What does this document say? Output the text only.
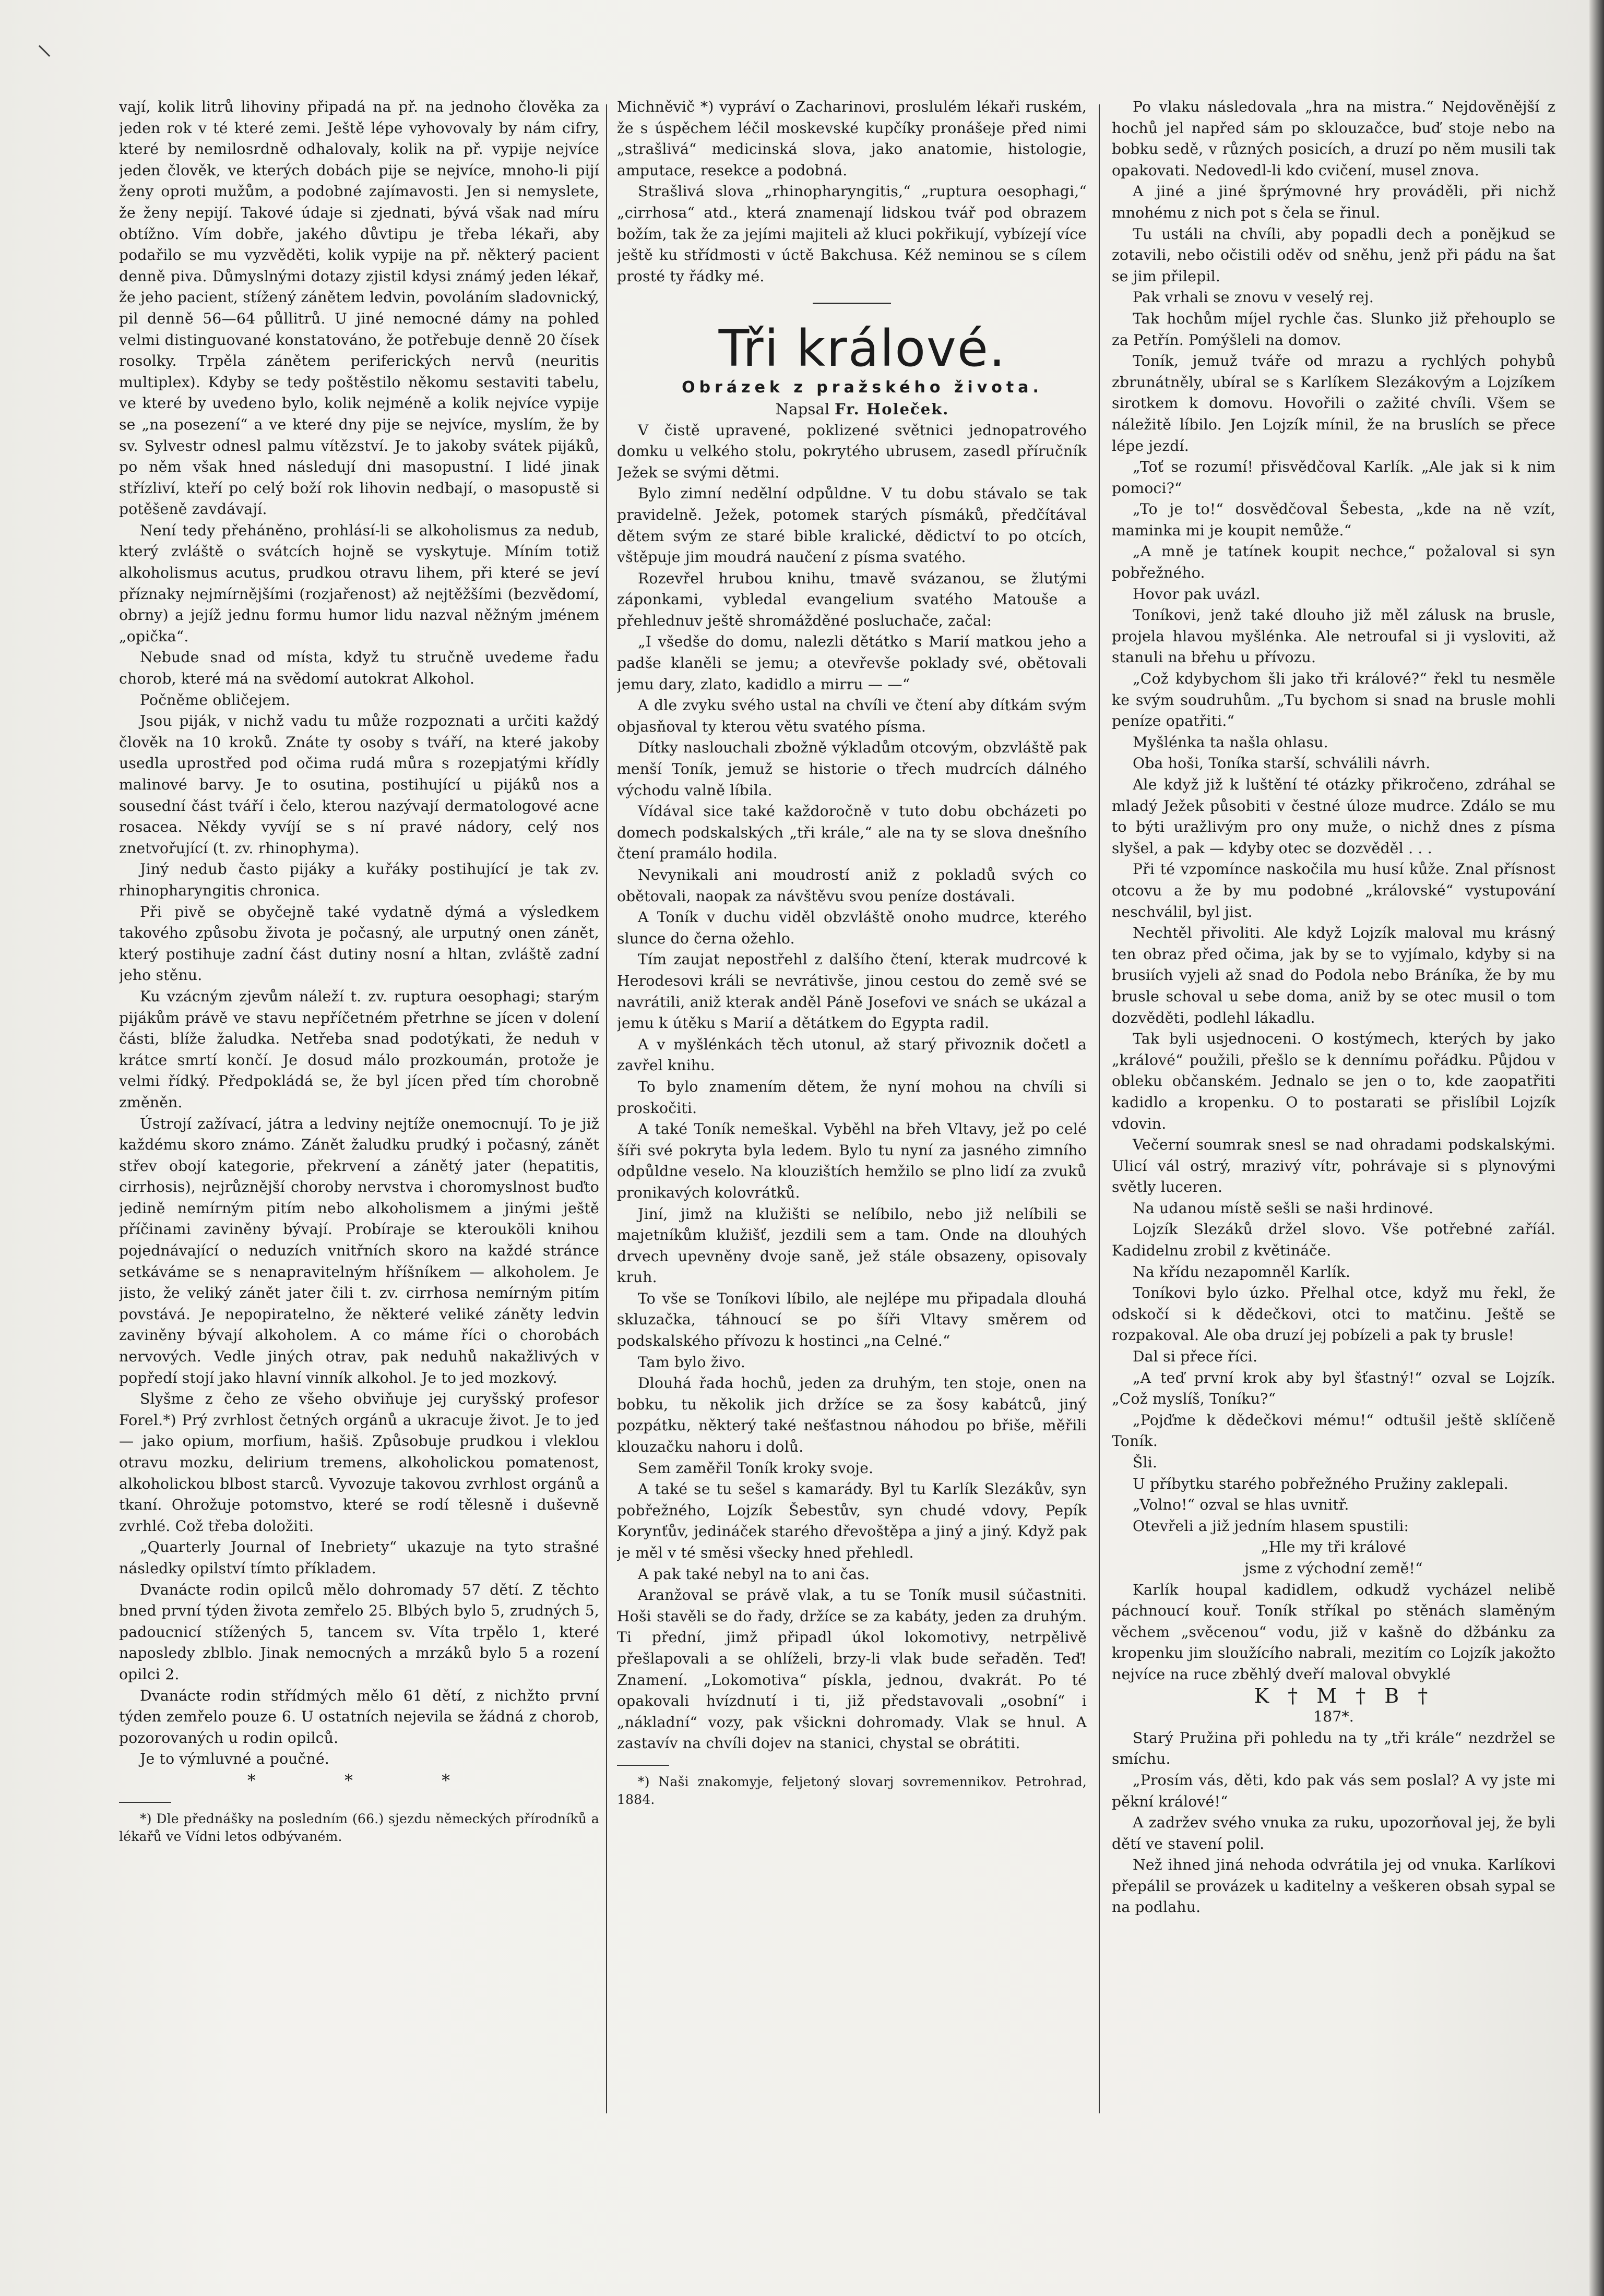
⸜

vají, kolik litrů lihoviny připadá na př. na jednoho člověka za jeden rok v té které zemi. Ještě lépe vyhovovaly by nám cifry, které by nemilosrdně odhalovaly, kolik na př. vypije nejvíce jeden člověk, ve kterých dobách pije se nejvíce, mnoho-li pijí ženy oproti mužům, a podobné zajímavosti. Jen si nemyslete, že ženy nepijí. Takové údaje si zjednati, bývá však nad míru obtížno. Vím dobře, jakého důvtipu je třeba lékaři, aby podařilo se mu vyzvěděti, kolik vypije na př. některý pacient denně piva. Důmyslnými dotazy zjistil kdysi známý jeden lékař, že jeho pacient, stížený zánětem ledvin, povoláním sladovnický, pil denně 56—64 půllitrů. U jiné nemocné dámy na pohled velmi distinguované konstatováno, že potřebuje denně 20 čísek rosolky. Trpěla zánětem periferických nervů (neuritis multiplex). Kdyby se tedy poštěstilo někomu sestaviti tabelu, ve které by uvedeno bylo, kolik nejméně a kolik nejvíce vypije se „na posezení“ a ve které dny pije se nejvíce, myslím, že by sv. Sylvestr odnesl palmu vítězství. Je to jakoby svátek pijáků, po něm však hned následují dni masopustní. I lidé jinak střízliví, kteří po celý boží rok lihovin nedbají, o masopustě si potěšeně zavdávají.

Není tedy přeháněno, prohlásí-li se alkoholismus za nedub, který zvláště o svátcích hojně se vyskytuje. Míním totiž alkoholismus acutus, prudkou otravu lihem, při které se jeví příznaky nejmírnějšími (rozjařenost) až nejtěžšími (bezvědomí, obrny) a jejíž jednu formu humor lidu nazval něžným jménem „opička“.

Nebude snad od místa, když tu stručně uvedeme řadu chorob, které má na svědomí autokrat Alkohol.

Počněme obličejem.

Jsou piják, v nichž vadu tu může rozpoznati a určiti každý člověk na 10 kroků. Znáte ty osoby s tváří, na které jakoby usedla uprostřed pod očima rudá můra s rozepjatými křídly malinové barvy. Je to osutina, postihující u pijáků nos a sousední část tváří i čelo, kterou nazývají dermatologové acne rosacea. Někdy vyvíjí se s ní pravé nádory, celý nos znetvořující (t. zv. rhinophyma).

Jiný nedub často pijáky a kuřáky postihující je tak zv. rhinopharyngitis chronica.

Při pivě se obyčejně také vydatně dýmá a výsledkem takového způsobu života je počasný, ale urputný onen zánět, který postihuje zadní část dutiny nosní a hltan, zvláště zadní jeho stěnu.

Ku vzácným zjevům náleží t. zv. ruptura oesophagi; starým pijákům právě ve stavu nepříčetném přetrhne se jícen v dolení části, blíže žaludka. Netřeba snad podotýkati, že neduh v krátce smrtí končí. Je dosud málo prozkoumán, protože je velmi řídký. Předpokládá se, že byl jícen před tím chorobně změněn.

Ústrojí zažívací, játra a ledviny nejtíže onemocnují. To je již každému skoro známo. Zánět žaludku prudký i počasný, zánět střev obojí kategorie, překrvení a zánětý jater (hepatitis, cirrhosis), nejrůznější choroby nervstva i choromyslnost buďto jedině nemírným pitím nebo alkoholismem a jinými ještě příčinami zaviněny bývají. Probíraje se kterouköli knihou pojednávající o neduzích vnitřních skoro na každé stránce setkáváme se s nenapravitelným hříšníkem — alkoholem. Je jisto, že veliký zánět jater čili t. zv. cirrhosa nemírným pitím povstává. Je nepopiratelno, že některé veliké záněty ledvin zaviněny bývají alkoholem. A co máme říci o chorobách nervových. Vedle jiných otrav, pak neduhů nakažlivých v popředí stojí jako hlavní vinník alkohol. Je to jed mozkový.

Slyšme z čeho ze všeho obviňuje jej curyšský profesor Forel.*) Prý zvrhlost četných orgánů a ukracuje život. Je to jed — jako opium, morfium, hašiš. Způsobuje prudkou i vleklou otravu mozku, delirium tremens, alkoholickou pomatenost, alkoholickou blbost starců. Vyvozuje takovou zvrhlost orgánů a tkaní. Ohrožuje potomstvo, které se rodí tělesně i duševně zvrhlé. Což třeba doložiti.

„Quarterly Journal of Inebriety“ ukazuje na tyto strašné následky opilství tímto příkladem.

Dvanácte rodin opilců mělo dohromady 57 dětí. Z těchto bned první týden života zemřelo 25. Blbých bylo 5, zrudných 5, padoucnicí stížených 5, tancem sv. Víta trpělo 1, které naposledy zblblo. Jinak nemocných a mrzáků bylo 5 a rození opilci 2.

Dvanácte rodin střídmých mělo 61 dětí, z nichžto první týden zemřelo pouze 6. U ostatních nejevila se žádná z chorob, pozorovaných u rodin opilců.

Je to výmluvné a poučné.

* * *

*) Dle přednášky na posledním (66.) sjezdu německých přírodníků a lékařů ve Vídni letos odbývaném.

Michněvič *) vypráví o Zacharinovi, proslulém lékaři ruském, že s úspěchem léčil moskevské kupčíky pronášeje před nimi „strašlivá“ medicinská slova, jako anatomie, histologie, amputace, resekce a podobná.

Strašlivá slova „rhinopharyngitis,“ „ruptura oesophagi,“ „cirrhosa“ atd., která znamenají lidskou tvář pod obrazem božím, tak že za jejími majiteli až kluci pokřikují, vybízejí více ještě ku střídmosti v úctě Bakchusa. Kéž neminou se s cílem prosté ty řádky mé.

Tři králové.

Obrázek z pražského života.

Napsal Fr. Holeček.

V čistě upravené, poklizené světnici jednopatrového domku u velkého stolu, pokrytého ubrusem, zasedl příručník Ježek se svými dětmi.

Bylo zimní nedělní odpůldne. V tu dobu stávalo se tak pravidelně. Ježek, potomek starých písmáků, předčítával dětem svým ze staré bible kralické, dědictví to po otcích, vštěpuje jim moudrá naučení z písma svatého.

Rozevřel hrubou knihu, tmavě svázanou, se žlutými záponkami, vybledal evangelium svatého Matouše a přehlednuv ještě shromážděné posluchače, začal:

„I všedše do domu, nalezli dětátko s Marií matkou jeho a padše klaněli se jemu; a otevřevše poklady své, obětovali jemu dary, zlato, kadidlo a mirru — —“

A dle zvyku svého ustal na chvíli ve čtení aby dítkám svým objasňoval ty kterou větu svatého písma.

Dítky naslouchali zbožně výkladům otcovým, obzvláště pak menší Toník, jemuž se historie o třech mudrcích dálného východu valně líbila.

Vídával sice také každoročně v tuto dobu obcházeti po domech podskalských „tři krále,“ ale na ty se slova dnešního čtení pramálo hodila.

Nevynikali ani moudrostí aniž z pokladů svých co obětovali, naopak za návštěvu svou peníze dostávali.

A Toník v duchu viděl obzvláště onoho mudrce, kterého slunce do černa ožehlo.

Tím zaujat nepostřehl z dalšího čtení, kterak mudrcové k Herodesovi králi se nevrátivše, jinou cestou do země své se navrátili, aniž kterak anděl Páně Josefovi ve snách se ukázal a jemu k útěku s Marií a dětátkem do Egypta radil.

A v myšlénkách těch utonul, až starý přivoznik dočetl a zavřel knihu.

To bylo znamením dětem, že nyní mohou na chvíli si proskočiti.

A také Toník nemeškal. Vyběhl na břeh Vltavy, jež po celé šíři své pokryta byla ledem. Bylo tu nyní za jasného zimního odpůldne veselo. Na klouzištích hemžilo se plno lidí za zvuků pronikavých kolovrátků.

Jiní, jimž na klužišti se nelíbilo, nebo již nelíbili se majetníkům klužišť, jezdili sem a tam. Onde na dlouhých drvech upevněny dvoje saně, jež stále obsazeny, opisovaly kruh.

To vše se Toníkovi líbilo, ale nejlépe mu připadala dlouhá skluzačka, táhnoucí se po šíři Vltavy směrem od podskalského přívozu k hostinci „na Celné.“

Tam bylo živo.

Dlouhá řada hochů, jeden za druhým, ten stoje, onen na bobku, tu několik jich držíce se za šosy kabátců, jiný pozpátku, některý také nešťastnou náhodou po břiše, měřili klouzačku nahoru i dolů.

Sem zaměřil Toník kroky svoje.

A také se tu sešel s kamarády. Byl tu Karlík Slezákův, syn pobřežného, Lojzík Šebestův, syn chudé vdovy, Pepík Korynťův, jedináček starého dřevoštěpa a jiný a jiný. Když pak je měl v té směsi všecky hned přehledl.

A pak také nebyl na to ani čas.

Aranžoval se právě vlak, a tu se Toník musil súčastniti. Hoši stavěli se do řady, držíce se za kabáty, jeden za druhým. Ti přední, jimž připadl úkol lokomotivy, netrpělivě přešlapovali a se ohlíželi, brzy-li vlak bude seřaděn. Teď! Znamení. „Lokomotiva“ pískla, jednou, dvakrát. Po té opakovali hvízdnutí i ti, již představovali „osobní“ i „nákladní“ vozy, pak všickni dohromady. Vlak se hnul. A zastavív na chvíli dojev na stanici, chystal se obrátiti.

*) Naši znakomyje, feljetoný slovarj sovremennikov. Petrohrad, 1884.

Po vlaku následovala „hra na mistra.“ Nejdověnější z hochů jel napřed sám po sklouzačce, buď stoje nebo na bobku sedě, v různých posicích, a druzí po něm musili tak opakovati. Nedovedl-li kdo cvičení, musel znova.

A jiné a jiné šprýmovné hry prováděli, při nichž mnohému z nich pot s čela se řinul.

Tu ustáli na chvíli, aby popadli dech a ponějkud se zotavili, nebo očistili oděv od sněhu, jenž při pádu na šat se jim přilepil.

Pak vrhali se znovu v veselý rej.

Tak hochům míjel rychle čas. Slunko již přehouplo se za Petřín. Pomýšleli na domov.

Toník, jemuž tváře od mrazu a rychlých pohybů zbrunátněly, ubíral se s Karlíkem Slezákovým a Lojzíkem sirotkem k domovu. Hovořili o zažité chvíli. Všem se náležitě líbilo. Jen Lojzík mínil, že na bruslích se přece lépe jezdí.

„Toť se rozumí! přisvědčoval Karlík. „Ale jak si k nim pomoci?“

„To je to!“ dosvědčoval Šebesta, „kde na ně vzít, maminka mi je koupit nemůže.“

„A mně je tatínek koupit nechce,“ požaloval si syn pobřežného.

Hovor pak uvázl.

Toníkovi, jenž také dlouho již měl zálusk na brusle, projela hlavou myšlénka. Ale netroufal si ji vysloviti, až stanuli na břehu u přívozu.

„Což kdybychom šli jako tři králové?“ řekl tu nesměle ke svým soudruhům. „Tu bychom si snad na brusle mohli peníze opatřiti.“

Myšlénka ta našla ohlasu.

Oba hoši, Toníka starší, schválili návrh.

Ale když již k luštění té otázky přikročeno, zdráhal se mladý Ježek působiti v čestné úloze mudrce. Zdálo se mu to býti uražlivým pro ony muže, o nichž dnes z písma slyšel, a pak — kdyby otec se dozvěděl . . .

Při té vzpomínce naskočila mu husí kůže. Znal přísnost otcovu a že by mu podobné „královské“ vystupování neschválil, byl jist.

Nechtěl přivoliti. Ale když Lojzík maloval mu krásný ten obraz před očima, jak by se to vyjímalo, kdyby si na brusiích vyjeli až snad do Podola nebo Bráníka, že by mu brusle schoval u sebe doma, aniž by se otec musil o tom dozvěděti, podlehl lákadlu.

Tak byli usjednoceni. O kostýmech, kterých by jako „králové“ použili, přešlo se k dennímu pořádku. Půjdou v obleku občanském. Jednalo se jen o to, kde zaopatřiti kadidlo a kropenku. O to postarati se přislíbil Lojzík vdovin.

Večerní soumrak snesl se nad ohradami podskalskými. Ulicí vál ostrý, mrazivý vítr, pohrávaje si s plynovými světly luceren.

Na udanou místě sešli se naši hrdinové.

Lojzík Slezáků držel slovo. Vše potřebné zaříál. Kadidelnu zrobil z květináče.

Na křídu nezapomněl Karlík.

Toníkovi bylo úzko. Přelhal otce, když mu řekl, že odskočí si k dědečkovi, otci to matčinu. Ještě se rozpakoval. Ale oba druzí jej pobízeli a pak ty brusle!

Dal si přece říci.

„A teď první krok aby byl šťastný!“ ozval se Lojzík. „Což myslíš, Toníku?“

„Pojďme k dědečkovi mému!“ odtušil ještě sklíčeně Toník.

Šli.

U příbytku starého pobřežného Pružiny zaklepali.

„Volno!“ ozval se hlas uvnitř.

Otevřeli a již jedním hlasem spustili:

„Hle my tři králové

jsme z východní země!“

Karlík houpal kadidlem, odkudž vycházel nelibě páchnoucí kouř. Toník stříkal po stěnách slaměným věchem „svěcenou“ vodu, již v kašně do džbánku za kropenku jim sloužícího nabrali, mezitím co Lojzík jakožto nejvíce na ruce zběhlý dveří maloval obvyklé

K † M † B †

187*.

Starý Pružina při pohledu na ty „tři krále“ nezdržel se smíchu.

„Prosím vás, děti, kdo pak vás sem poslal? A vy jste mi pěkní králové!“

A zadržev svého vnuka za ruku, upozorňoval jej, že byli dětí ve stavení polil.

Než ihned jiná nehoda odvrátila jej od vnuka. Karlíkovi přepálil se provázek u kaditelny a veškeren obsah sypal se na podlahu.
